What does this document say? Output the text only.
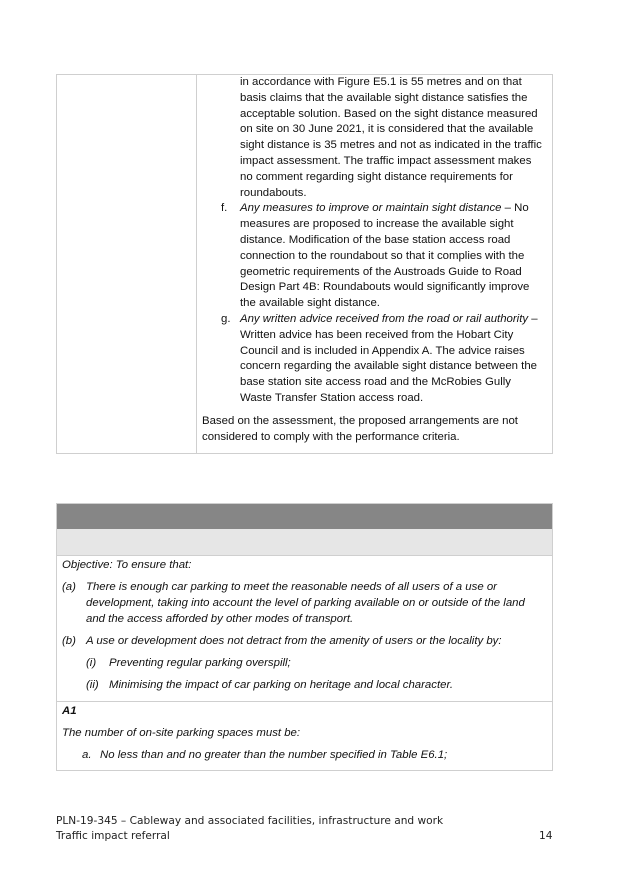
in accordance with Figure E5.1 is 55 metres and on that
basis claims that the available sight distance satisfies the
acceptable solution. Based on the sight distance measured
on site on 30 June 2021, it is considered that the available
sight distance is 35 metres and not as indicated in the traffic
impact assessment. The traffic impact assessment makes
no comment regarding sight distance requirements for
roundabouts.
f. Any measures to improve or maintain sight distance – No
measures are proposed to increase the available sight
distance. Modification of the base station access road
connection to the roundabout so that it complies with the
geometric requirements of the Austroads Guide to Road
Design Part 4B: Roundabouts would significantly improve
the available sight distance.
g. Any written advice received from the road or rail authority –
Written advice has been received from the Hobart City
Council and is included in Appendix A. The advice raises
concern regarding the available sight distance between the
base station site access road and the McRobies Gully
Waste Transfer Station access road.
Based on the assessment, the proposed arrangements are not
considered to comply with the performance criteria.
Objective: To ensure that:
(a) There is enough car parking to meet the reasonable needs of all users of a use or
development, taking into account the level of parking available on or outside of the land
and the access afforded by other modes of transport.
(b) A use or development does not detract from the amenity of users or the locality by:
(i) Preventing regular parking overspill;
(ii) Minimising the impact of car parking on heritage and local character.
A1
The number of on-site parking spaces must be:
a. No less than and no greater than the number specified in Table E6.1;
PLN-19-345 – Cableway and associated facilities, infrastructure and work
Traffic impact referral	14
